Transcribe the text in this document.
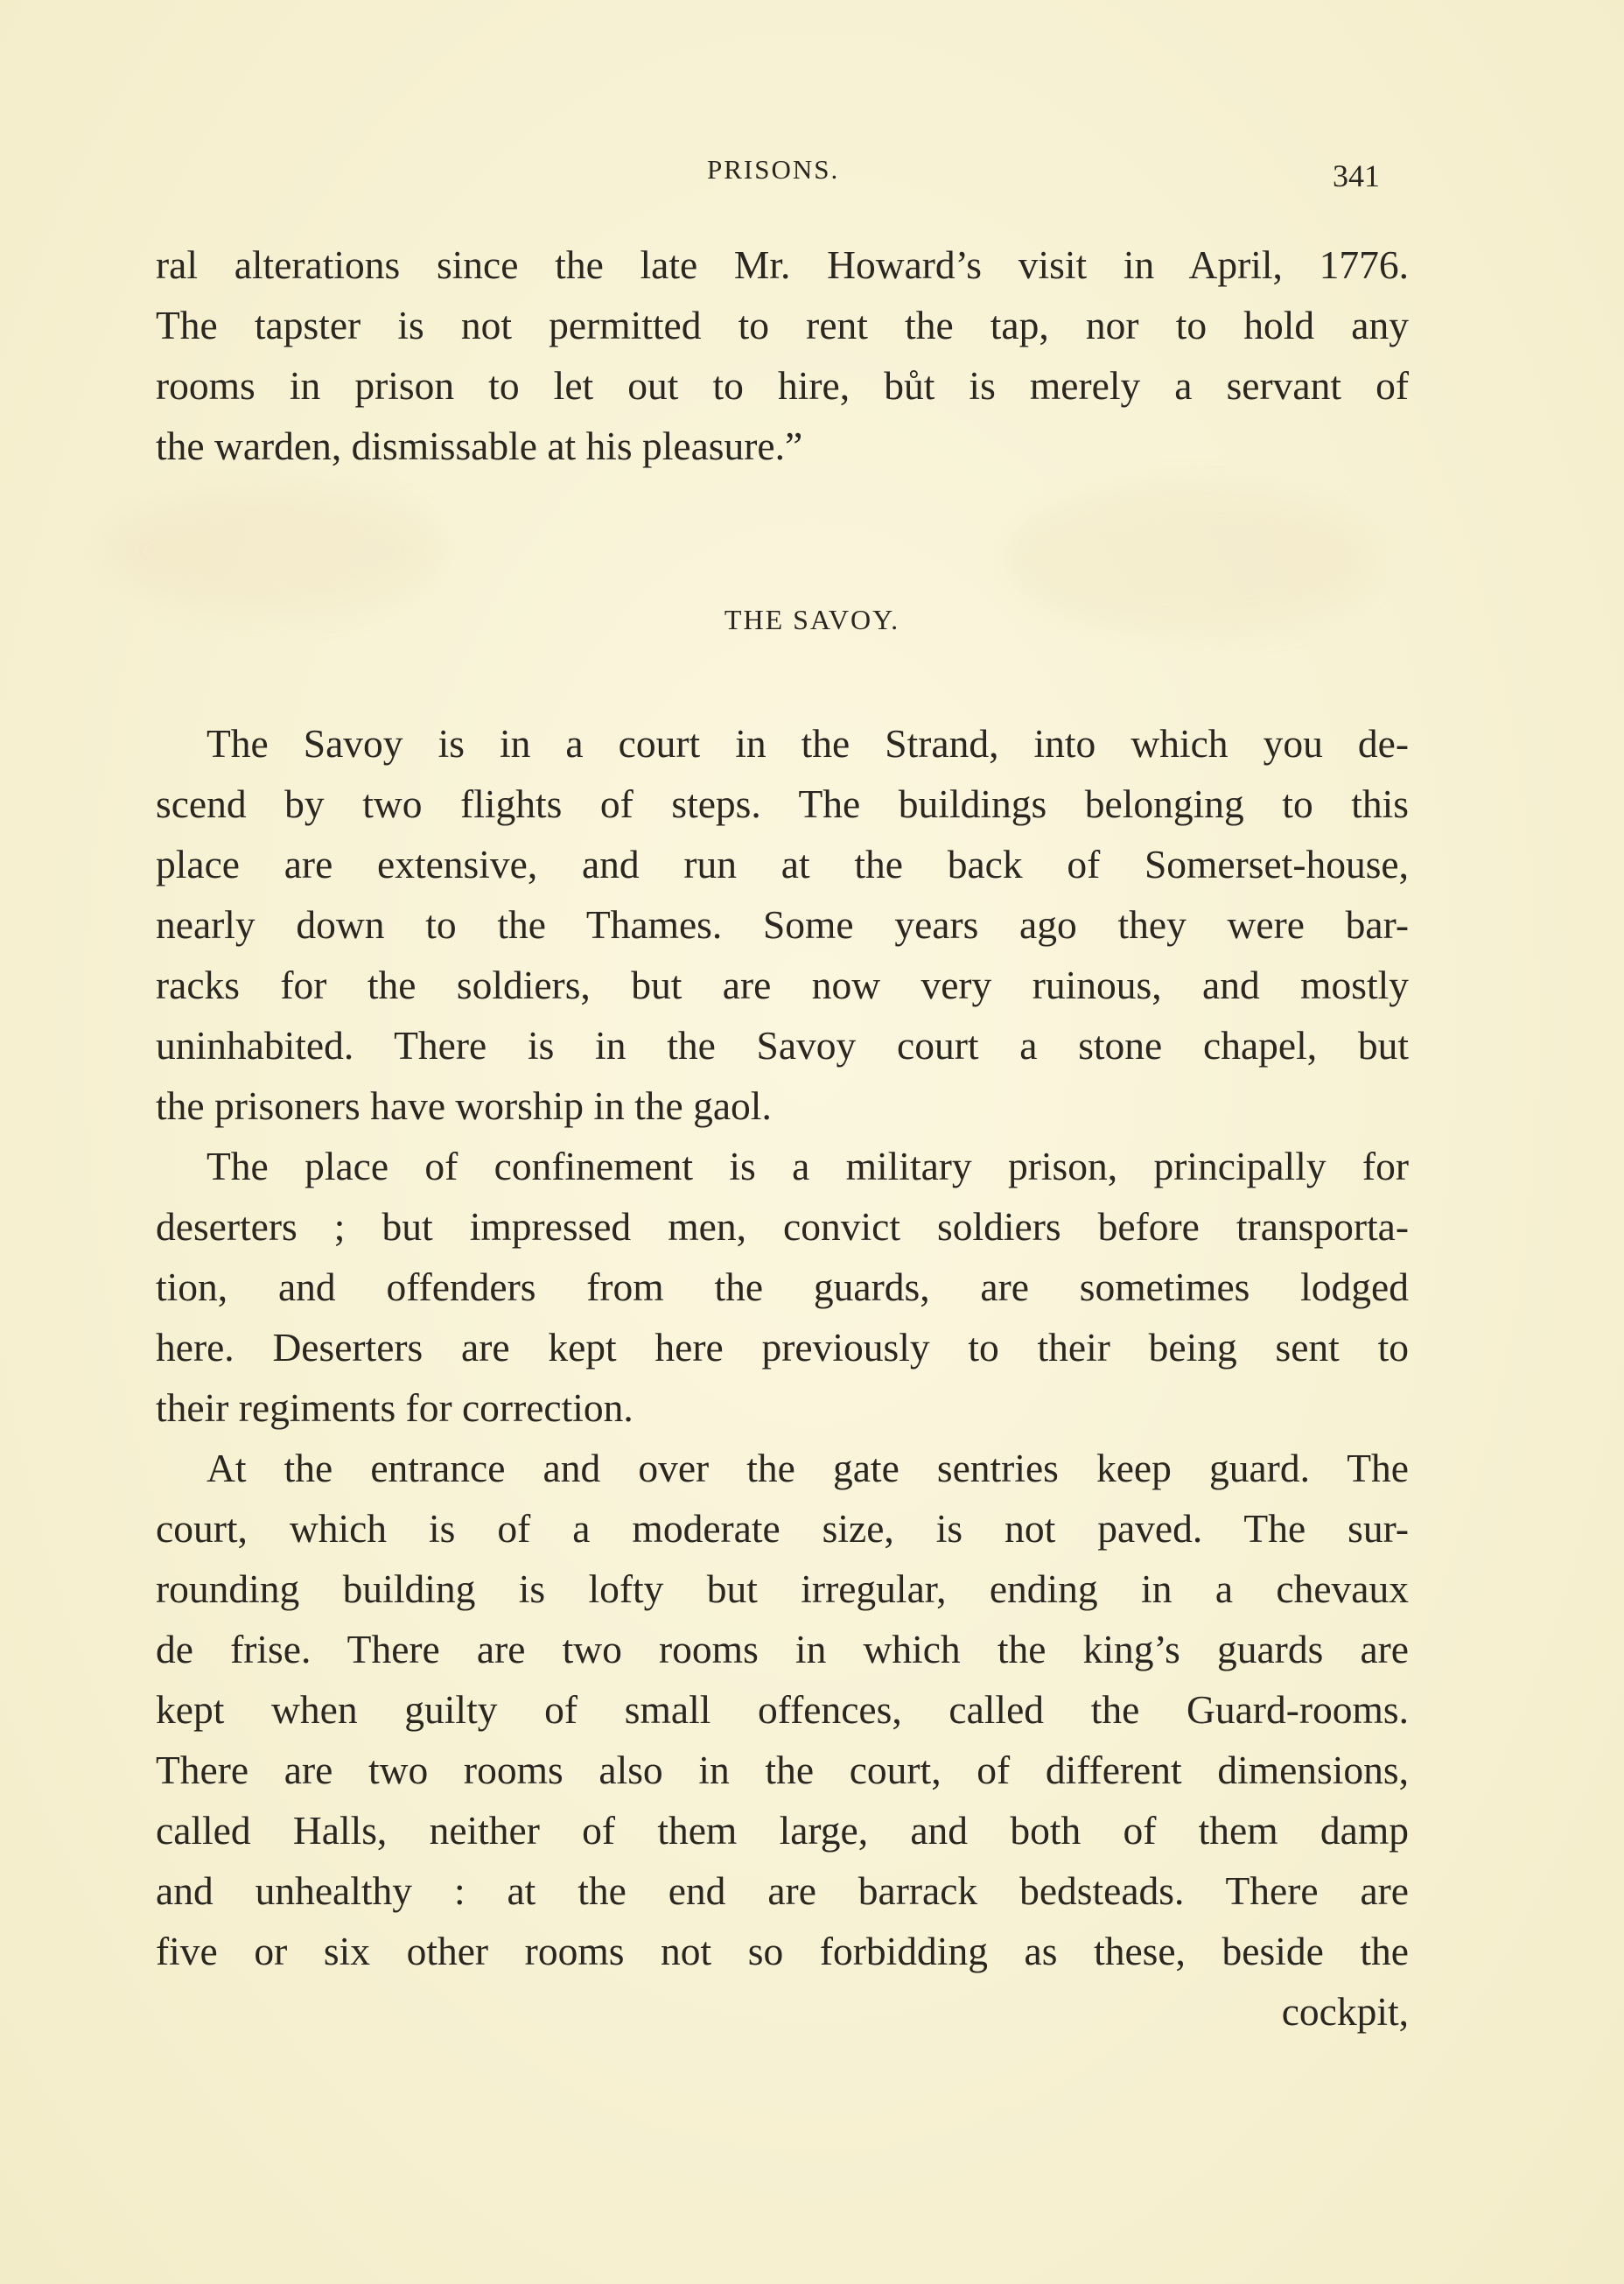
PRISONS.	341
ral alterations since the late Mr. Howard’s visit in April, 1776.
The tapster is not permitted to rent the tap, nor to hold any
rooms in prison to let out to hire, bůt is merely a servant of
the warden, dismissable at his pleasure.”
THE SAVOY.
The Savoy is in a court in the Strand, into which you de-
scend by two flights of steps. The buildings belonging to this
place are extensive, and run at the back of Somerset-house,
nearly down to the Thames. Some years ago they were bar-
racks for the soldiers, but are now very ruinous, and mostly
uninhabited. There is in the Savoy court a stone chapel, but
the prisoners have worship in the gaol.
The place of confinement is a military prison, principally for
deserters ; but impressed men, convict soldiers before transporta-
tion, and offenders from the guards, are sometimes lodged
here. Deserters are kept here previously to their being sent to
their regiments for correction.
At the entrance and over the gate sentries keep guard. The
court, which is of a moderate size, is not paved. The sur-
rounding building is lofty but irregular, ending in a chevaux
de frise. There are two rooms in which the king’s guards are
kept when guilty of small offences, called the Guard-rooms.
There are two rooms also in the court, of different dimensions,
called Halls, neither of them large, and both of them damp
and unhealthy : at the end are barrack bedsteads. There are
five or six other rooms not so forbidding as these, beside the
cockpit,
